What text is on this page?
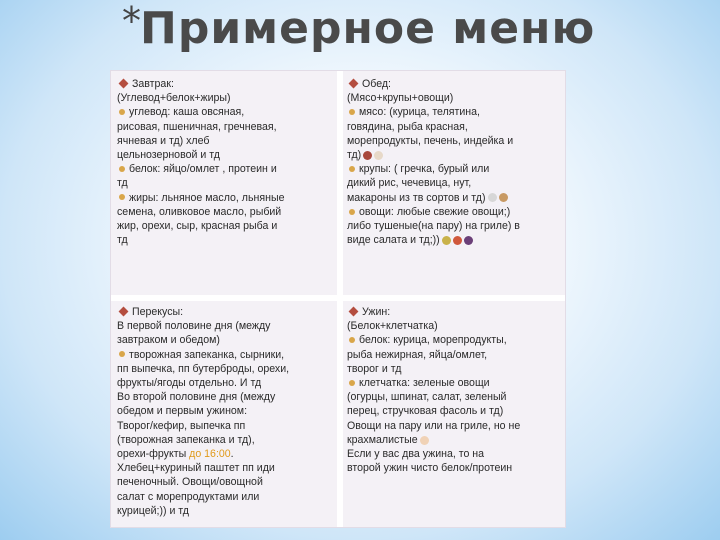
* Примерное меню
Завтрак:
(Углевод+белок+жиры)
углевод: каша овсяная,
рисовая, пшеничная, гречневая,
ячневая и тд) хлеб
цельнозерновой и тд
белок: яйцо/омлет , протеин и
тд
жиры: льняное масло, льняные
семена, оливковое масло, рыбий
жир, орехи, сыр, красная рыба и
тд
Обед:
(Мясо+крупы+овощи)
мясо: (курица, телятина,
говядина, рыба красная,
морепродукты, печень, индейка и
тд)
крупы: ( гречка, бурый или
дикий рис, чечевица, нут,
макароны из тв сортов и тд)
овощи: любые свежие овощи;)
либо тушеные(на пару) на гриле) в
виде салата и тд;))
Перекусы:
В первой половине дня (между
завтраком и обедом)
творожная запеканка, сырники,
пп выпечка, пп бутерброды, орехи,
фрукты/ягоды отдельно. И тд
Во второй половине дня (между
обедом и первым ужином:
Творог/кефир, выпечка пп
(творожная запеканка и тд),
орехи-фрукты до 16:00.
Хлебец+куриный паштет пп иди
печеночный. Овощи/овощной
салат с морепродуктами или
курицей;)) и тд
Ужин:
(Белок+клетчатка)
белок: курица, морепродукты,
рыба нежирная, яйца/омлет,
творог и тд
клетчатка: зеленые овощи
(огурцы, шпинат, салат, зеленый
перец, стручковая фасоль и тд)
Овощи на пару или на гриле, но не
крахмалистые
Если у вас два ужина, то на
второй ужин чисто белок/протеин
